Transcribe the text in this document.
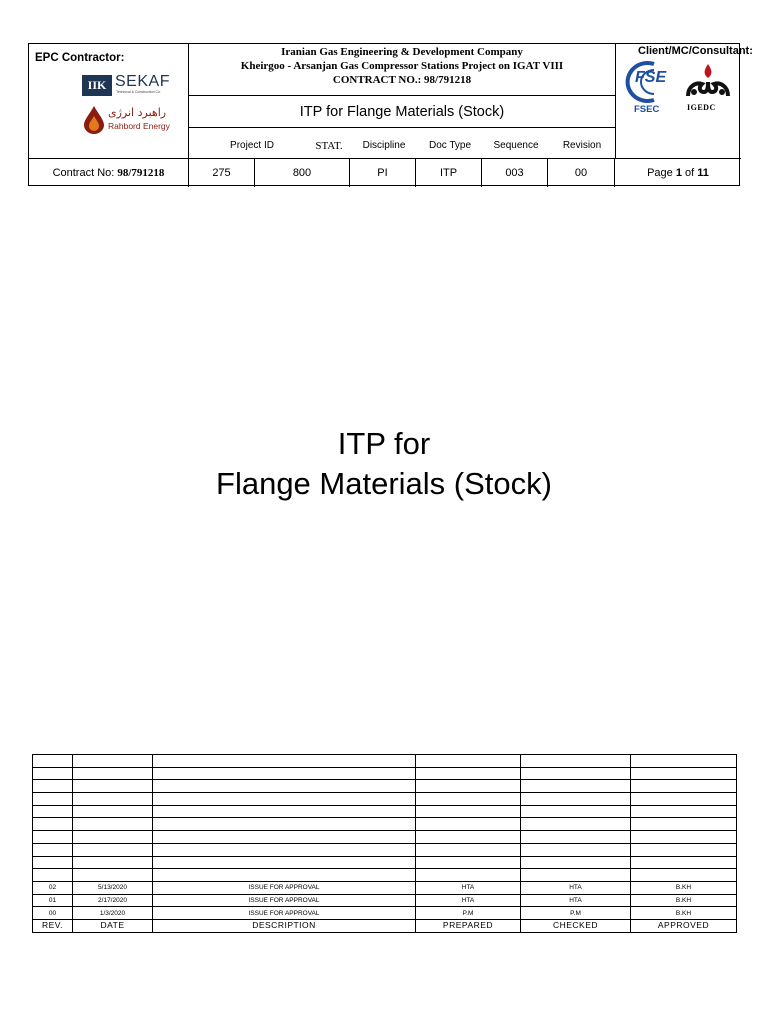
EPC Contractor:
IIK SEKAF
Technical & Construction Co.
راهبرد انرژی
Rahbord Energy
Iranian Gas Engineering & Development Company
Kheirgoo - Arsanjan Gas Compressor Stations Project on IGAT VIII
CONTRACT NO.: 98/791218
ITP for Flange Materials (Stock)
Project ID	STAT.	Discipline	Doc Type	Sequence	Revision
Client/MC/Consultant:
FSE
FSEC	IGEDC
Contract No: 98/791218	275	800	PI	ITP	003	00	Page 1 of 11
ITP for
Flange Materials (Stock)

02	5/13/2020	ISSUE FOR APPROVAL	HTA	HTA	B.KH
01	2/17/2020	ISSUE FOR APPROVAL	HTA	HTA	B.KH
00	1/3/2020	ISSUE FOR APPROVAL	P.M	P.M	B.KH
REV.	DATE	DESCRIPTION	PREPARED	CHECKED	APPROVED
